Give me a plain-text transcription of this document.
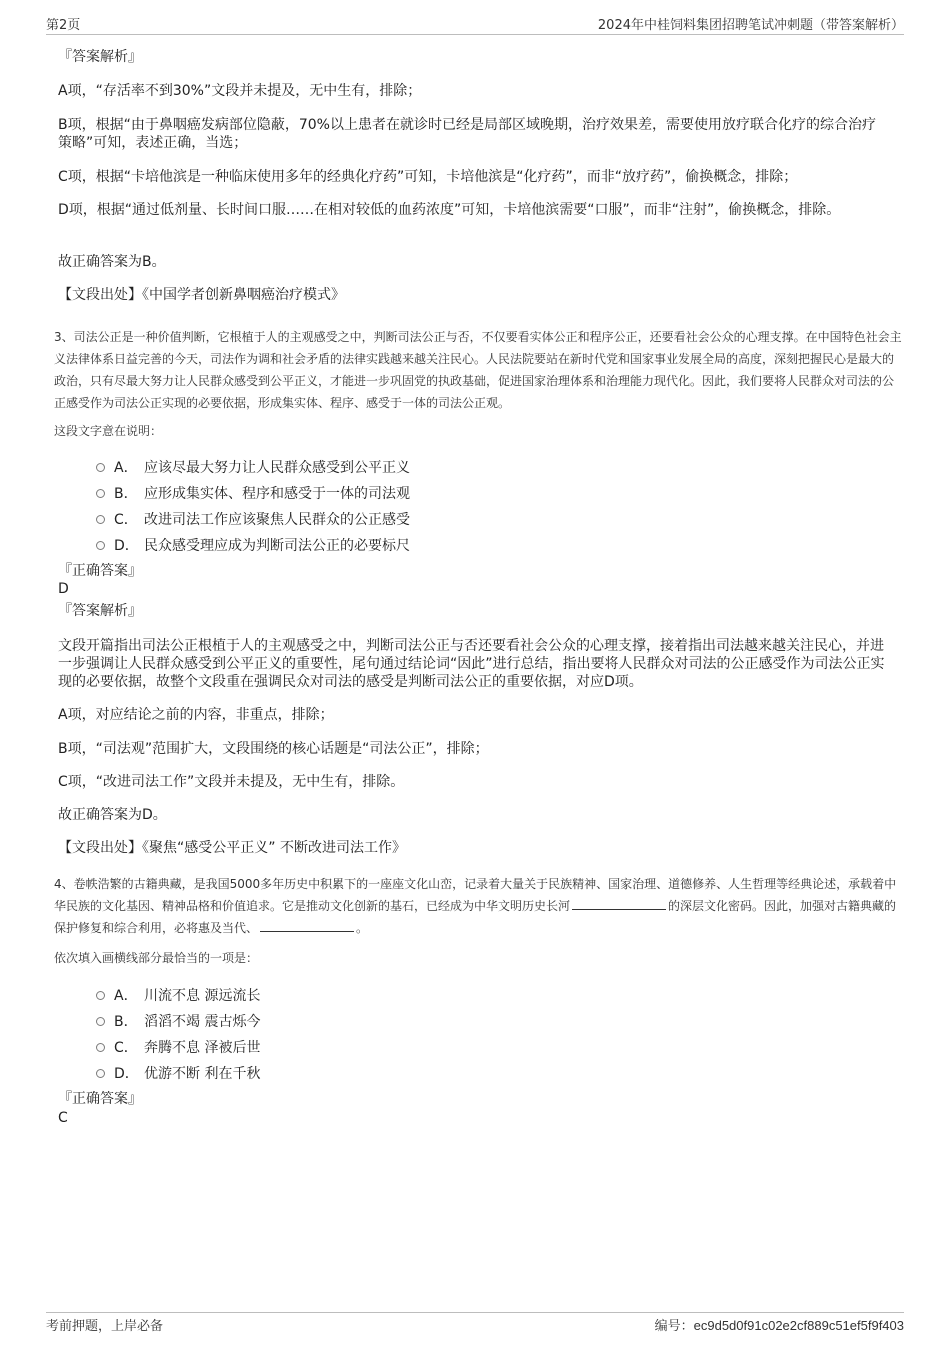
第2页	2024年中桂饲料集团招聘笔试冲刺题（带答案解析）
『答案解析』
A项，“存活率不到30%”文段并未提及，无中生有，排除；
B项，根据“由于鼻咽癌发病部位隐蔽，70%以上患者在就诊时已经是局部区域晚期，治疗效果差，需要使用放疗联合化疗的综合治疗策略”可知，表述正确，当选；
C项，根据“卡培他滨是一种临床使用多年的经典化疗药”可知，卡培他滨是“化疗药”，而非“放疗药”，偷换概念，排除；
D项，根据“通过低剂量、长时间口服……在相对较低的血药浓度”可知，卡培他滨需要“口服”，而非“注射”，偷换概念，排除。
故正确答案为B。
【文段出处】《中国学者创新鼻咽癌治疗模式》
3、司法公正是一种价值判断，它根植于人的主观感受之中，判断司法公正与否，不仅要看实体公正和程序公正，还要看社会公众的心理支撑。在中国特色社会主义法律体系日益完善的今天，司法作为调和社会矛盾的法律实践越来越关注民心。人民法院要站在新时代党和国家事业发展全局的高度，深刻把握民心是最大的政治，只有尽最大努力让人民群众感受到公平正义，才能进一步巩固党的执政基础，促进国家治理体系和治理能力现代化。因此，我们要将人民群众对司法的公正感受作为司法公正实现的必要依据，形成集实体、程序、感受于一体的司法公正观。
这段文字意在说明：
A． 应该尽最大努力让人民群众感受到公平正义
B． 应形成集实体、程序和感受于一体的司法观
C． 改进司法工作应该聚焦人民群众的公正感受
D． 民众感受理应成为判断司法公正的必要标尺
『正确答案』
D
『答案解析』
文段开篇指出司法公正根植于人的主观感受之中，判断司法公正与否还要看社会公众的心理支撑，接着指出司法越来越关注民心，并进一步强调让人民群众感受到公平正义的重要性，尾句通过结论词“因此”进行总结，指出要将人民群众对司法的公正感受作为司法公正实现的必要依据，故整个文段重在强调民众对司法的感受是判断司法公正的重要依据，对应D项。
A项，对应结论之前的内容，非重点，排除；
B项，“司法观”范围扩大，文段围绕的核心话题是“司法公正”，排除；
C项，“改进司法工作”文段并未提及，无中生有，排除。
故正确答案为D。
【文段出处】《聚焦“感受公平正义” 不断改进司法工作》
4、卷帙浩繁的古籍典藏，是我国5000多年历史中积累下的一座座文化山峦，记录着大量关于民族精神、国家治理、道德修养、人生哲理等经典论述，承载着中华民族的文化基因、精神品格和价值追求。它是推动文化创新的基石，已经成为中华文明历史长河	的深层文化密码。因此，加强对古籍典藏的保护修复和综合利用，必将惠及当代、	。
依次填入画横线部分最恰当的一项是：
A． 川流不息 源远流长
B． 滔滔不竭 震古烁今
C． 奔腾不息 泽被后世
D． 优游不断 利在千秋
『正确答案』
C
考前押题，上岸必备	编号：ec9d5d0f91c02e2cf889c51ef5f9f403
